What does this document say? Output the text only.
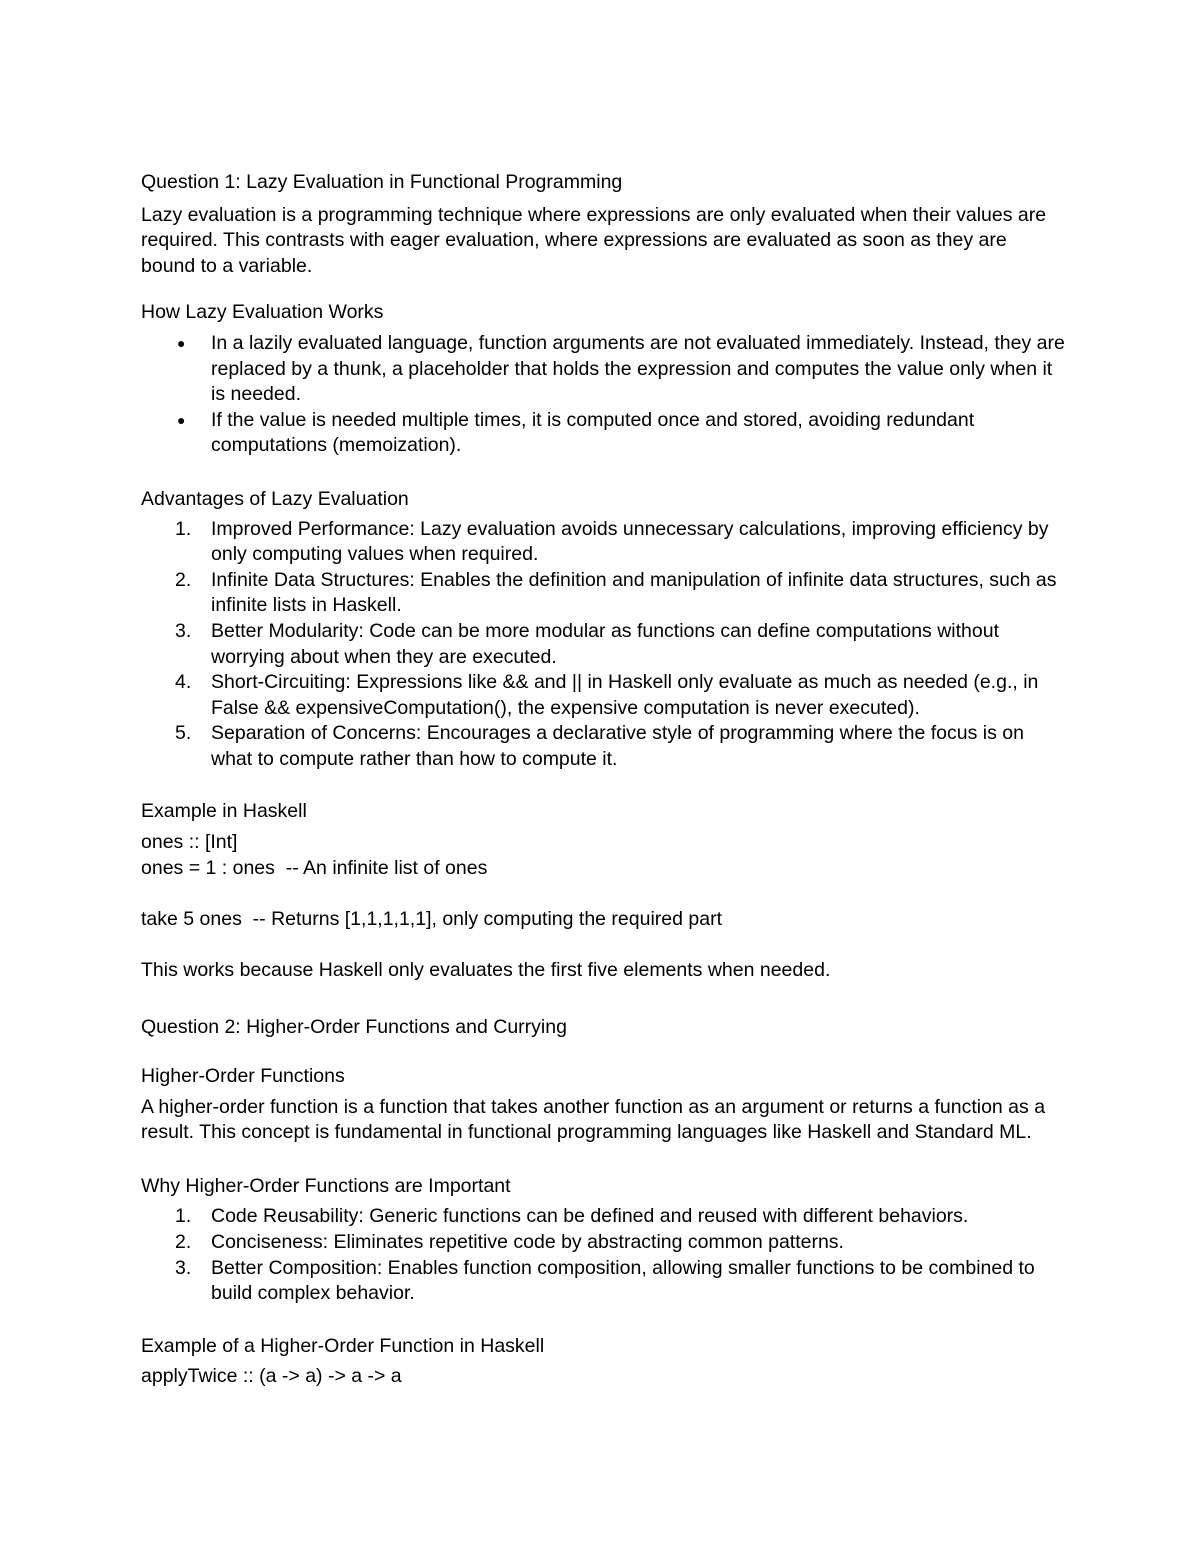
Question 1: Lazy Evaluation in Functional Programming

Lazy evaluation is a programming technique where expressions are only evaluated when their values are required. This contrasts with eager evaluation, where expressions are evaluated as soon as they are bound to a variable.

How Lazy Evaluation Works

●	In a lazily evaluated language, function arguments are not evaluated immediately. Instead, they are replaced by a thunk, a placeholder that holds the expression and computes the value only when it is needed.
●	If the value is needed multiple times, it is computed once and stored, avoiding redundant computations (memoization).

Advantages of Lazy Evaluation

1.	Improved Performance: Lazy evaluation avoids unnecessary calculations, improving efficiency by only computing values when required.
2.	Infinite Data Structures: Enables the definition and manipulation of infinite data structures, such as infinite lists in Haskell.
3.	Better Modularity: Code can be more modular as functions can define computations without worrying about when they are executed.
4.	Short-Circuiting: Expressions like && and || in Haskell only evaluate as much as needed (e.g., in False && expensiveComputation(), the expensive computation is never executed).
5.	Separation of Concerns: Encourages a declarative style of programming where the focus is on what to compute rather than how to compute it.

Example in Haskell

ones :: [Int]

ones = 1 : ones  -- An infinite list of ones

take 5 ones  -- Returns [1,1,1,1,1], only computing the required part

This works because Haskell only evaluates the first five elements when needed.

Question 2: Higher-Order Functions and Currying

Higher-Order Functions

A higher-order function is a function that takes another function as an argument or returns a function as a result. This concept is fundamental in functional programming languages like Haskell and Standard ML.

Why Higher-Order Functions are Important

1.	Code Reusability: Generic functions can be defined and reused with different behaviors.
2.	Conciseness: Eliminates repetitive code by abstracting common patterns.
3.	Better Composition: Enables function composition, allowing smaller functions to be combined to build complex behavior.

Example of a Higher-Order Function in Haskell

applyTwice :: (a -> a) -> a -> a
